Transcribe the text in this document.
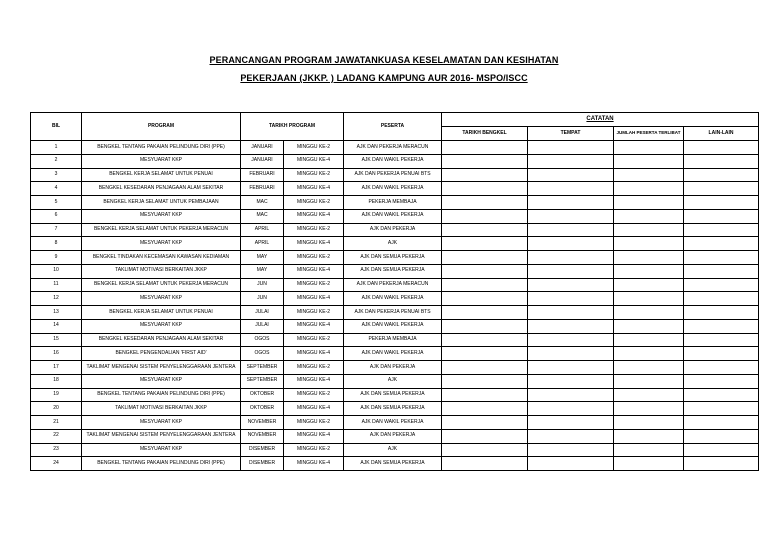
PERANCANGAN PROGRAM JAWATANKUASA KESELAMATAN DAN KESIHATAN
PEKERJAAN (JKKP. ) LADANG KAMPUNG AUR 2016- MSPO/ISCC
BIL	PROGRAM	TARIKH PROGRAM		PESERTA	CATATAN			
					TARIKH BENGKEL	TEMPAT	JUMLAH PESERTA TERLIBAT	LAIN-LAIN
1	BENGKEL TENTANG PAKAIAN PELINDUNG DIRI (PPE)	JANUARI	MINGGU KE-2	AJK DAN PEKERJA MERACUN				
2	MESYUARAT KKP	JANUARI	MINGGU KE-4	AJK DAN WAKIL PEKERJA				
3	BENGKEL KERJA SELAMAT UNTUK PENUAI	FEBRUARI	MINGGU KE-2	AJK DAN PEKERJA PENUAI BTS				
4	BENGKEL KESEDARAN PENJAGAAN ALAM SEKITAR	FEBRUARI	MINGGU KE-4	AJK DAN WAKIL PEKERJA				
5	BENGKEL KERJA SELAMAT UNTUK PEMBAJAAN	MAC	MINGGU KE-2	PEKERJA MEMBAJA				
6	MESYUARAT KKP	MAC	MINGGU KE-4	AJK DAN WAKIL PEKERJA				
7	BENGKEL KERJA SELAMAT UNTUK PEKERJA MERACUN	APRIL	MINGGU KE-2	AJK DAN PEKERJA				
8	MESYUARAT KKP	APRIL	MINGGU KE-4	AJK				
9	BENGKEL TINDAKAN KECEMASAN KAWASAN KEDIAMAN	MAY	MINGGU KE-2	AJK DAN SEMUA PEKERJA				
10	TAKLIMAT MOTIVASI BERKAITAN JKKP	MAY	MINGGU KE-4	AJK DAN SEMUA PEKERJA				
11	BENGKEL KERJA SELAMAT UNTUK PEKERJA MERACUN	JUN	MINGGU KE-2	AJK DAN PEKERJA MERACUN				
12	MESYUARAT KKP	JUN	MINGGU KE-4	AJK DAN WAKIL PEKERJA				
13	BENGKEL KERJA SELAMAT UNTUK PENUAI	JULAI	MINGGU KE-2	AJK DAN PEKERJA PENUAI BTS				
14	MESYUARAT KKP	JULAI	MINGGU KE-4	AJK DAN WAKIL PEKERJA				
15	BENGKEL KESEDARAN PENJAGAAN ALAM SEKITAR	OGOS	MINGGU KE-2	PEKERJA MEMBAJA				
16	BENGKEL PENGENDALIAN 'FIRST AID'	OGOS	MINGGU KE-4	AJK DAN WAKIL PEKERJA				
17	TAKLIMAT MENGENAI SISTEM PENYELENGGARAAN JENTERA	SEPTEMBER	MINGGU KE-2	AJK DAN PEKERJA				
18	MESYUARAT KKP	SEPTEMBER	MINGGU KE-4	AJK				
19	BENGKEL TENTANG PAKAIAN PELINDUNG DIRI (PPE)	OKTOBER	MINGGU KE-2	AJK DAN SEMUA PEKERJA				
20	TAKLIMAT MOTIVASI BERKAITAN JKKP	OKTOBER	MINGGU KE-4	AJK DAN SEMUA PEKERJA				
21	MESYUARAT KKP	NOVEMBER	MINGGU KE-2	AJK DAN WAKIL PEKERJA				
22	TAKLIMAT MENGENAI SISTEM PENYELENGGARAAN JENTERA	NOVEMBER	MINGGU KE-4	AJK DAN PEKERJA				
23	MESYUARAT KKP	DISEMBER	MINGGU KE-2	AJK				
24	BENGKEL TENTANG PAKAIAN PELINDUNG DIRI (PPE)	DISEMBER	MINGGU KE-4	AJK DAN SEMUA PEKERJA				
